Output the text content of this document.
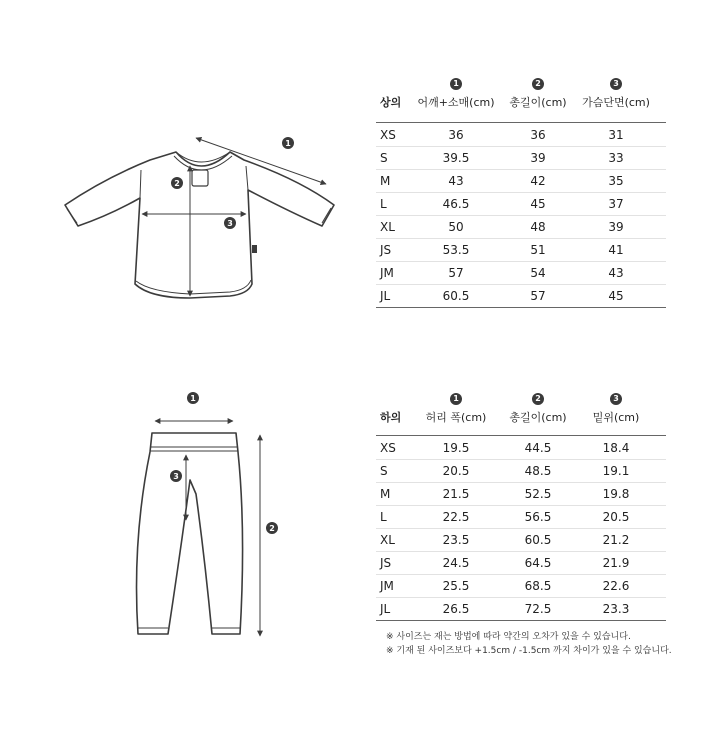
1
2
3
1
3
2
1	2	3
상의	어깨+소매(cm)	총길이(cm)	가슴단면(cm)
XS	36	36	31
S	39.5	39	33
M	43	42	35
L	46.5	45	37
XL	50	48	39
JS	53.5	51	41
JM	57	54	43
JL	60.5	57	45
1	2	3
하의	허리 폭(cm)	총길이(cm)	밑위(cm)
XS	19.5	44.5	18.4
S	20.5	48.5	19.1
M	21.5	52.5	19.8
L	22.5	56.5	20.5
XL	23.5	60.5	21.2
JS	24.5	64.5	21.9
JM	25.5	68.5	22.6
JL	26.5	72.5	23.3
※ 사이즈는 재는 방법에 따라 약간의 오차가 있을 수 있습니다.
※ 기재 된 사이즈보다 +1.5cm / -1.5cm 까지 차이가 있을 수 있습니다.
